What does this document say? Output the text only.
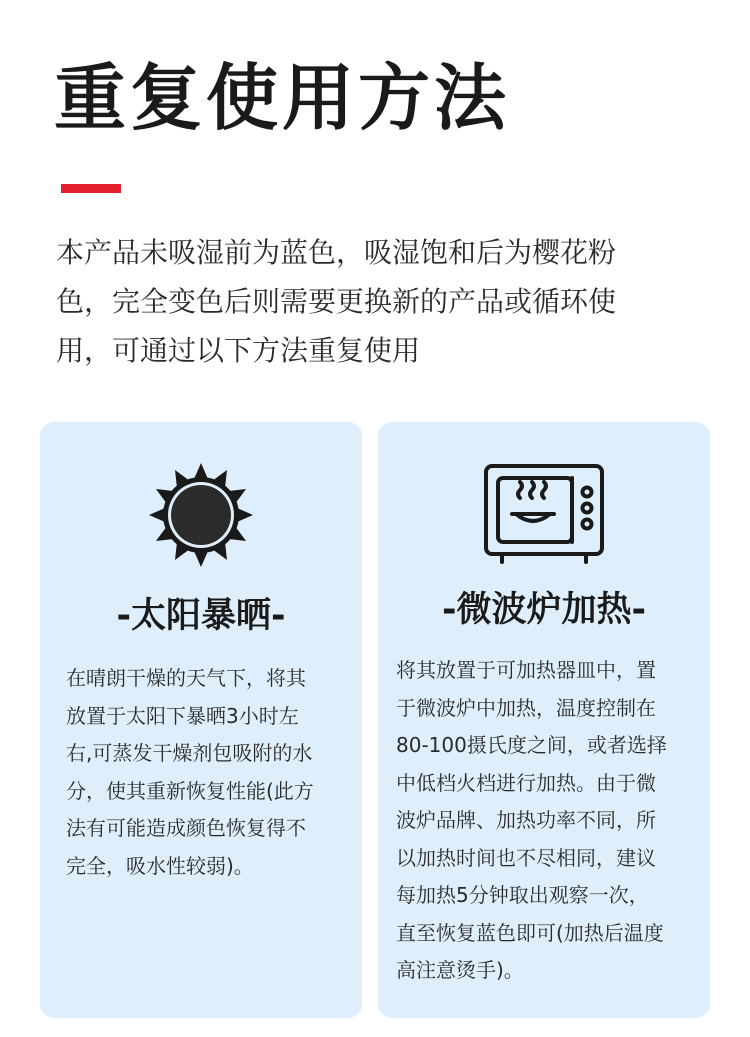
重复使用方法
本产品未吸湿前为蓝色，吸湿饱和后为樱花粉
色，完全变色后则需要更换新的产品或循环使
用，可通过以下方法重复使用
-太阳暴晒-
在晴朗干燥的天气下，将其
放置于太阳下暴晒3小时左
右,可蒸发干燥剂包吸附的水
分，使其重新恢复性能(此方
法有可能造成颜色恢复得不
完全，吸水性较弱)。
-微波炉加热-
将其放置于可加热器皿中，置
于微波炉中加热，温度控制在
80-100摄氏度之间，或者选择
中低档火档进行加热。由于微
波炉品牌、加热功率不同，所
以加热时间也不尽相同，建议
每加热5分钟取出观察一次，
直至恢复蓝色即可(加热后温度
高注意烫手)。
